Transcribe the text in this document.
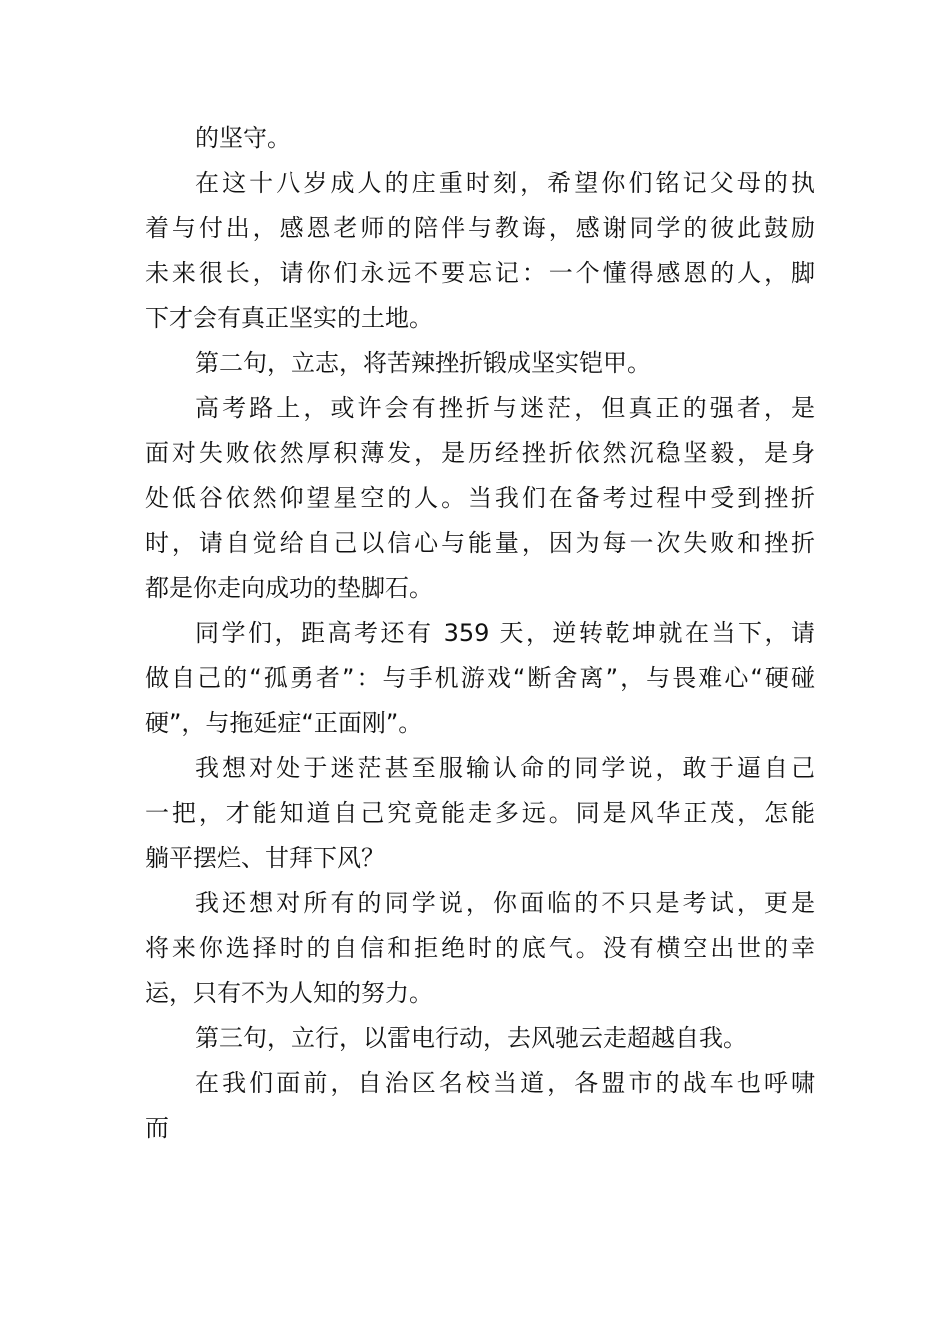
的坚守。
在这十八岁成人的庄重时刻，希望你们铭记父母的执
着与付出，感恩老师的陪伴与教诲，感谢同学的彼此鼓励
未来很长，请你们永远不要忘记：一个懂得感恩的人，脚
下才会有真正坚实的土地。
第二句，立志，将苦辣挫折锻成坚实铠甲。
高考路上，或许会有挫折与迷茫，但真正的强者，是
面对失败依然厚积薄发，是历经挫折依然沉稳坚毅，是身
处低谷依然仰望星空的人。当我们在备考过程中受到挫折
时，请自觉给自己以信心与能量，因为每一次失败和挫折
都是你走向成功的垫脚石。
同学们，距高考还有 359 天，逆转乾坤就在当下，请
做自己的“孤勇者”：与手机游戏“断舍离”，与畏难心“硬碰
硬”，与拖延症“正面刚”。
我想对处于迷茫甚至服输认命的同学说，敢于逼自己
一把，才能知道自己究竟能走多远。同是风华正茂，怎能
躺平摆烂、甘拜下风？
我还想对所有的同学说，你面临的不只是考试，更是
将来你选择时的自信和拒绝时的底气。没有横空出世的幸
运，只有不为人知的努力。
第三句，立行，以雷电行动，去风驰云走超越自我。
在我们面前，自治区名校当道，各盟市的战车也呼啸
而
